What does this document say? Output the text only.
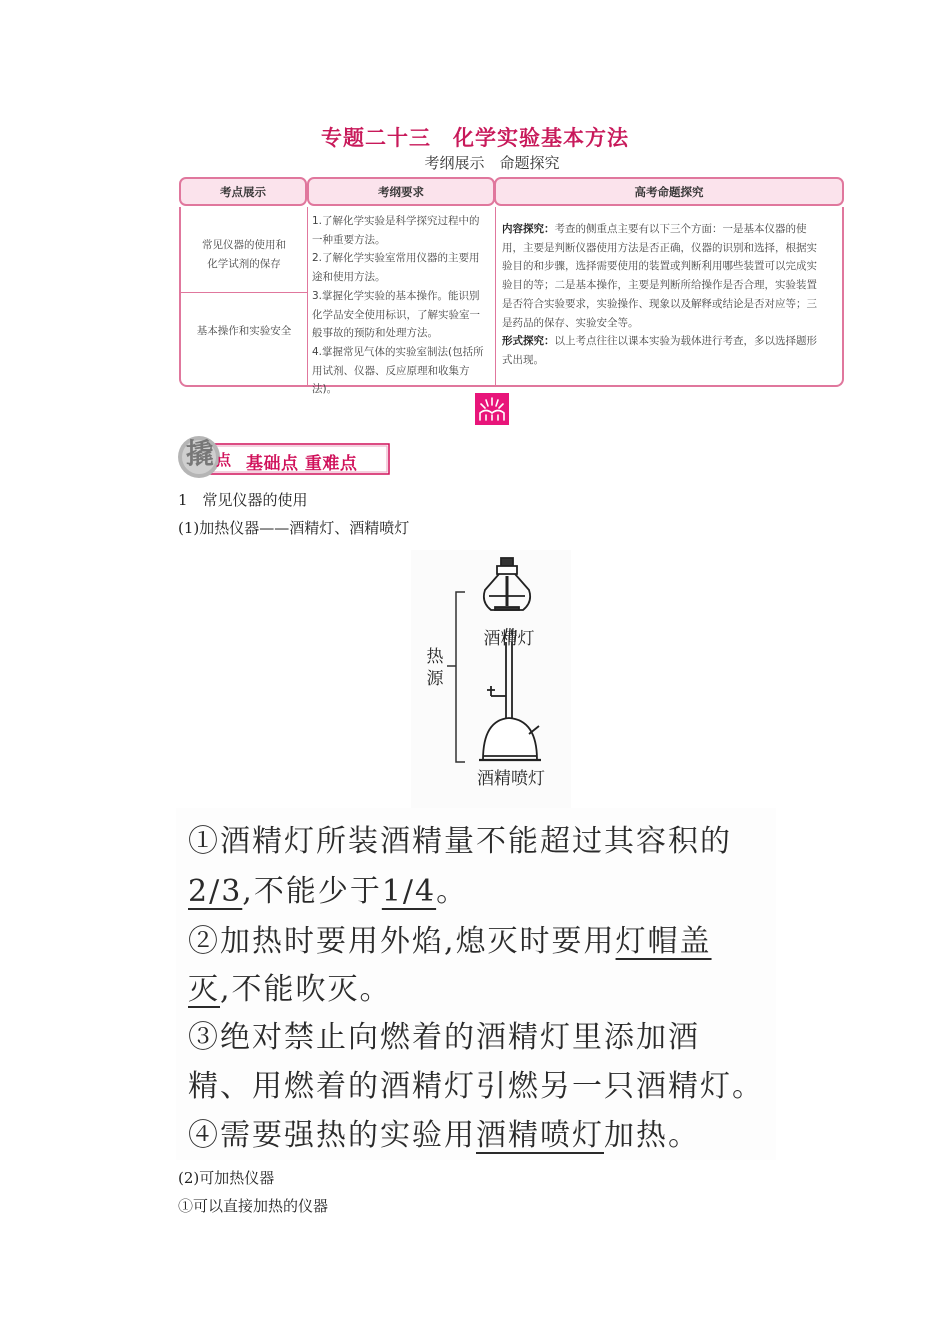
专题二十三　化学实验基本方法
考纲展示　命题探究
考点展示	考纲要求	高考命题探究
常见仪器的使用和
化学试剂的保存
基本操作和实验安全
1.了解化学实验是科学探究过程中的
一种重要方法。
2.了解化学实验室常用仪器的主要用
途和使用方法。
3.掌握化学实验的基本操作。能识别
化学品安全使用标识，了解实验室一
般事故的预防和处理方法。
4.掌握常见气体的实验室制法(包括所
用试剂、仪器、反应原理和收集方法)。
内容探究：考查的侧重点主要有以下三个方面：一是基本仪器的使
用，主要是判断仪器使用方法是否正确，仪器的识别和选择，根据实
验目的和步骤，选择需要使用的装置或判断利用哪些装置可以完成实
验目的等；二是基本操作，主要是判断所给操作是否合理，实验装置
是否符合实验要求，实验操作、现象以及解释或结论是否对应等；三
是药品的保存、实验安全等。
形式探究：以上考点往往以课本实验为载体进行考查，多以选择题形
式出现。
撬 点 基础点 重难点
1　常见仪器的使用
(1)加热仪器——酒精灯、酒精喷灯
酒精灯
热
源
酒精喷灯
①酒精灯所装酒精量不能超过其容积的
2/3,不能少于1/4。
②加热时要用外焰,熄灭时要用灯帽盖
灭,不能吹灭。
③绝对禁止向燃着的酒精灯里添加酒
精、用燃着的酒精灯引燃另一只酒精灯。
④需要强热的实验用酒精喷灯加热。
(2)可加热仪器
①可以直接加热的仪器
